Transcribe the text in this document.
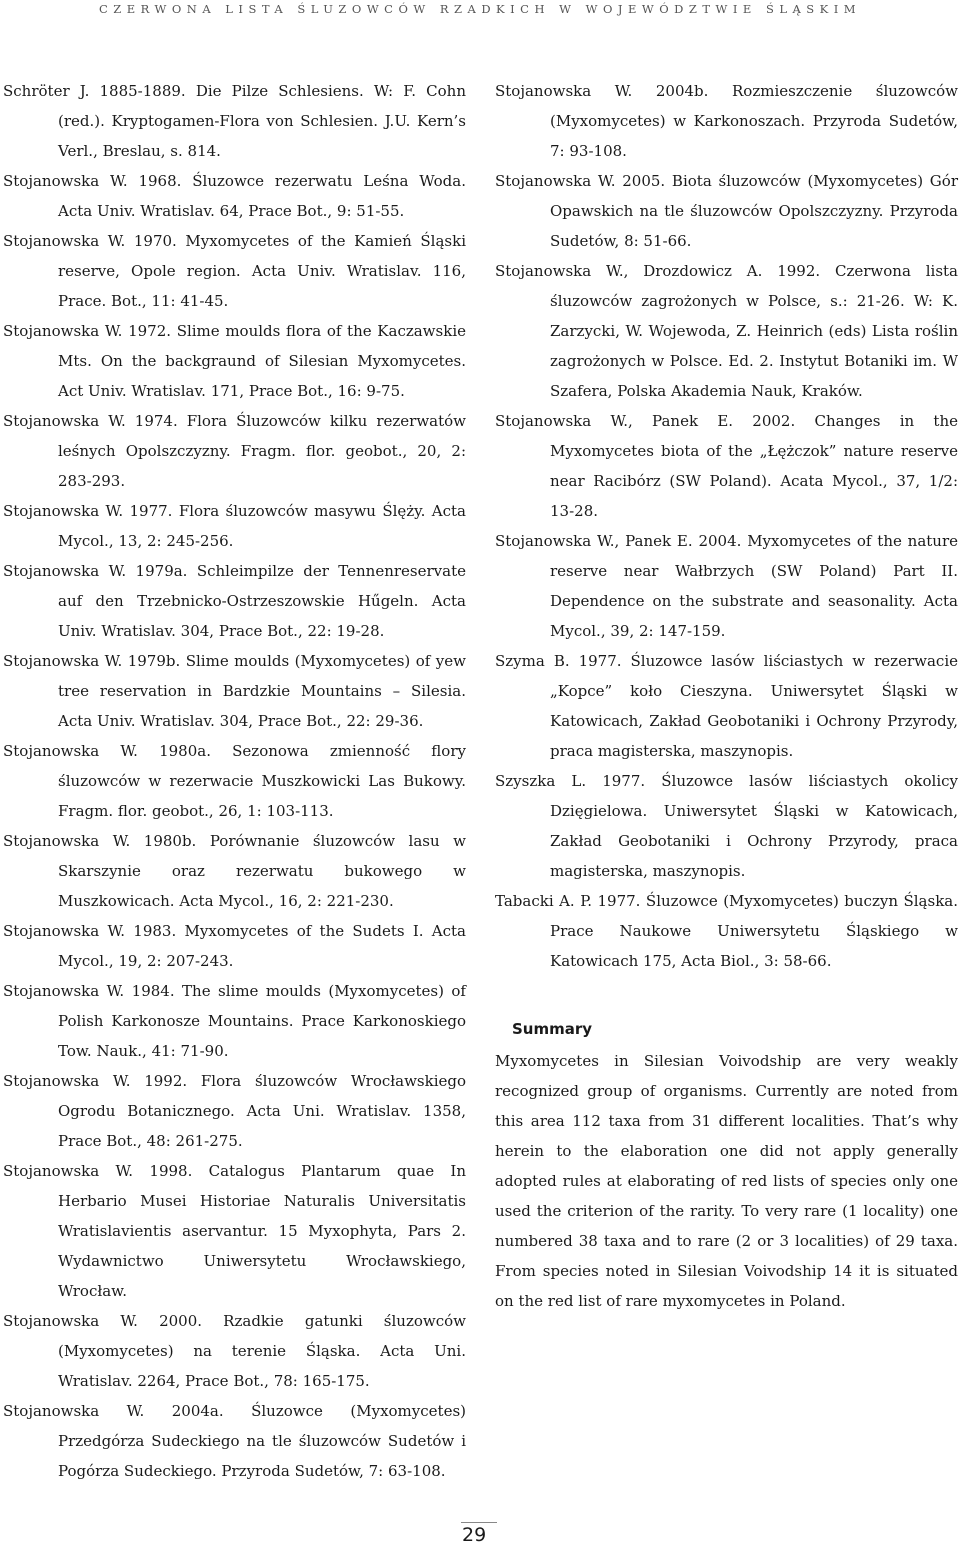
CZERWONA LISTA ŚLUZOWCÓW RZADKICH W WOJEWÓDZTWIE ŚLĄSKIM

Schröter J. 1885-1889. Die Pilze Schlesiens. W: F. Cohn (red.). Kryptogamen-Flora von Schlesien. J.U. Kern’s Verl., Breslau, s. 814.

Stojanowska W. 1968. Śluzowce rezerwatu Leśna Woda. Acta Univ. Wratislav. 64, Prace Bot., 9: 51-55.

Stojanowska W. 1970. Myxomycetes of the Kamień Śląski reserve, Opole region. Acta Univ. Wratislav. 116, Prace. Bot., 11: 41-45.

Stojanowska W. 1972. Slime moulds flora of the Kaczawskie Mts. On the backgraund of Silesian Myxomycetes. Act Univ. Wratislav. 171, Prace Bot., 16: 9-75.

Stojanowska W. 1974. Flora Śluzowców kilku rezerwatów leśnych Opolszczyzny. Fragm. flor. geobot., 20, 2: 283-293.

Stojanowska W. 1977. Flora śluzowców masywu Ślęży. Acta Mycol., 13, 2: 245-256.

Stojanowska W. 1979a. Schleimpilze der Tennenreservate auf den Trzebnicko-Ostrzeszowskie Hűgeln. Acta Univ. Wratislav. 304, Prace Bot., 22: 19-28.

Stojanowska W. 1979b. Slime moulds (Myxomycetes) of yew tree reservation in Bardzkie Mountains – Silesia. Acta Univ. Wratislav. 304, Prace Bot., 22: 29-36.

Stojanowska W. 1980a. Sezonowa zmienność flory śluzowców w rezerwacie Muszkowicki Las Bukowy. Fragm. flor. geobot., 26, 1: 103-113.

Stojanowska W. 1980b. Porównanie śluzowców lasu w Skarszynie oraz rezerwatu bukowego w Muszkowicach. Acta Mycol., 16, 2: 221-230.

Stojanowska W. 1983. Myxomycetes of the Sudets I. Acta Mycol., 19, 2: 207-243.

Stojanowska W. 1984. The slime moulds (Myxomycetes) of Polish Karkonosze Mountains. Prace Karkonoskiego Tow. Nauk., 41: 71-90.

Stojanowska W. 1992. Flora śluzowców Wrocławskiego Ogrodu Botanicznego. Acta Uni. Wratislav. 1358, Prace Bot., 48: 261-275.

Stojanowska W. 1998. Catalogus Plantarum quae In Herbario Musei Historiae Naturalis Universitatis Wratislavientis aservantur. 15 Myxophyta, Pars 2. Wydawnictwo Uniwersytetu Wrocławskiego, Wrocław.

Stojanowska W. 2000. Rzadkie gatunki śluzowców (Myxomycetes) na terenie Śląska. Acta Uni. Wratislav. 2264, Prace Bot., 78: 165-175.

Stojanowska W. 2004a. Śluzowce (Myxomycetes) Przedgórza Sudeckiego na tle śluzowców Sudetów i Pogórza Sudeckiego. Przyroda Sudetów, 7: 63-108.

Stojanowska W. 2004b. Rozmieszczenie śluzowców (Myxomycetes) w Karkonoszach. Przyroda Sudetów, 7: 93-108.

Stojanowska W. 2005. Biota śluzowców (Myxomycetes) Gór Opawskich na tle śluzowców Opolszczyzny. Przyroda Sudetów, 8: 51-66.

Stojanowska W., Drozdowicz A. 1992. Czerwona lista śluzowców zagrożonych w Polsce, s.: 21-26. W: K. Zarzycki, W. Wojewoda, Z. Heinrich (eds) Lista roślin zagrożonych w Polsce. Ed. 2. Instytut Botaniki im. W Szafera, Polska Akademia Nauk, Kraków.

Stojanowska W., Panek E. 2002. Changes in the Myxomycetes biota of the „Łężczok” nature reserve near Racibórz (SW Poland). Acata Mycol., 37, 1/2: 13-28.

Stojanowska W., Panek E. 2004. Myxomycetes of the nature reserve near Wałbrzych (SW Poland) Part II. Dependence on the substrate and seasonality. Acta Mycol., 39, 2: 147-159.

Szyma B. 1977. Śluzowce lasów liściastych w rezerwacie „Kopce” koło Cieszyna. Uniwersytet Śląski w Katowicach, Zakład Geobotaniki i Ochrony Przyrody, praca magisterska, maszynopis.

Szyszka L. 1977. Śluzowce lasów liściastych okolicy Dzięgielowa. Uniwersytet Śląski w Katowicach, Zakład Geobotaniki i Ochrony Przyrody, praca magisterska, maszynopis.

Tabacki A. P. 1977. Śluzowce (Myxomycetes) buczyn Śląska. Prace Naukowe Uniwersytetu Śląskiego w Katowicach 175, Acta Biol., 3: 58-66.

Summary

Myxomycetes in Silesian Voivodship are very weakly recognized group of organisms. Currently are noted from this area 112 taxa from 31 different localities. That’s why herein to the elaboration one did not apply generally adopted rules at elaborating of red lists of species only one used the criterion of the rarity. To very rare (1 locality) one numbered 38 taxa and to rare (2 or 3 localities) of 29 taxa. From species noted in Silesian Voivodship 14 it is situated on the red list of rare myxomycetes in Poland.

29
